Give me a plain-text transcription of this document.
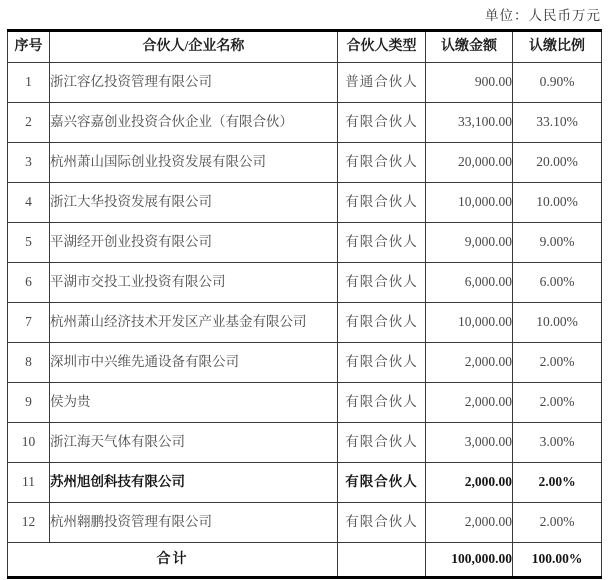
单位：人民币万元
序号	合伙人/企业名称	合伙人类型	认缴金额	认缴比例
1	浙江容亿投资管理有限公司	普通合伙人	900.00	0.90%
2	嘉兴容嘉创业投资合伙企业（有限合伙）	有限合伙人	33,100.00	33.10%
3	杭州萧山国际创业投资发展有限公司	有限合伙人	20,000.00	20.00%
4	浙江大华投资发展有限公司	有限合伙人	10,000.00	10.00%
5	平湖经开创业投资有限公司	有限合伙人	9,000.00	9.00%
6	平湖市交投工业投资有限公司	有限合伙人	6,000.00	6.00%
7	杭州萧山经济技术开发区产业基金有限公司	有限合伙人	10,000.00	10.00%
8	深圳市中兴维先通设备有限公司	有限合伙人	2,000.00	2.00%
9	侯为贵	有限合伙人	2,000.00	2.00%
10	浙江海天气体有限公司	有限合伙人	3,000.00	3.00%
11	苏州旭创科技有限公司	有限合伙人	2,000.00	2.00%
12	杭州翱鹏投资管理有限公司	有限合伙人	2,000.00	2.00%
合计			100,000.00	100.00%
